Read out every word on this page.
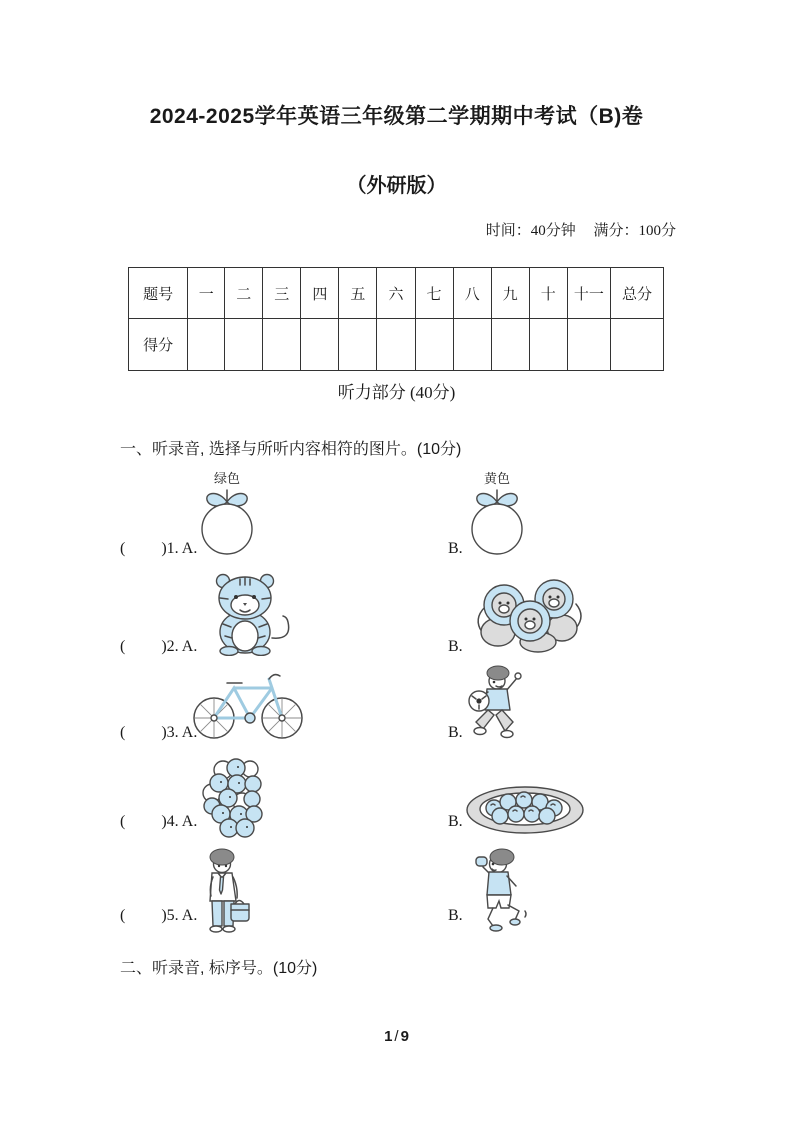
2024-2025学年英语三年级第二学期期中考试（B)卷
（外研版）
时间：40分钟 满分：100分
题号	一	二	三	四	五	六	七	八	九	十	十一	总分
得分												
听力部分 (40分)
一、听录音, 选择与所听内容相符的图片。(10分)
(         )1. A.
绿色
B.
黄色
(         )2. A.	B.
(         )3. A.	B.
(         )4. A.	B.
(         )5. A.	B.
二、听录音, 标序号。(10分)
1 / 9
